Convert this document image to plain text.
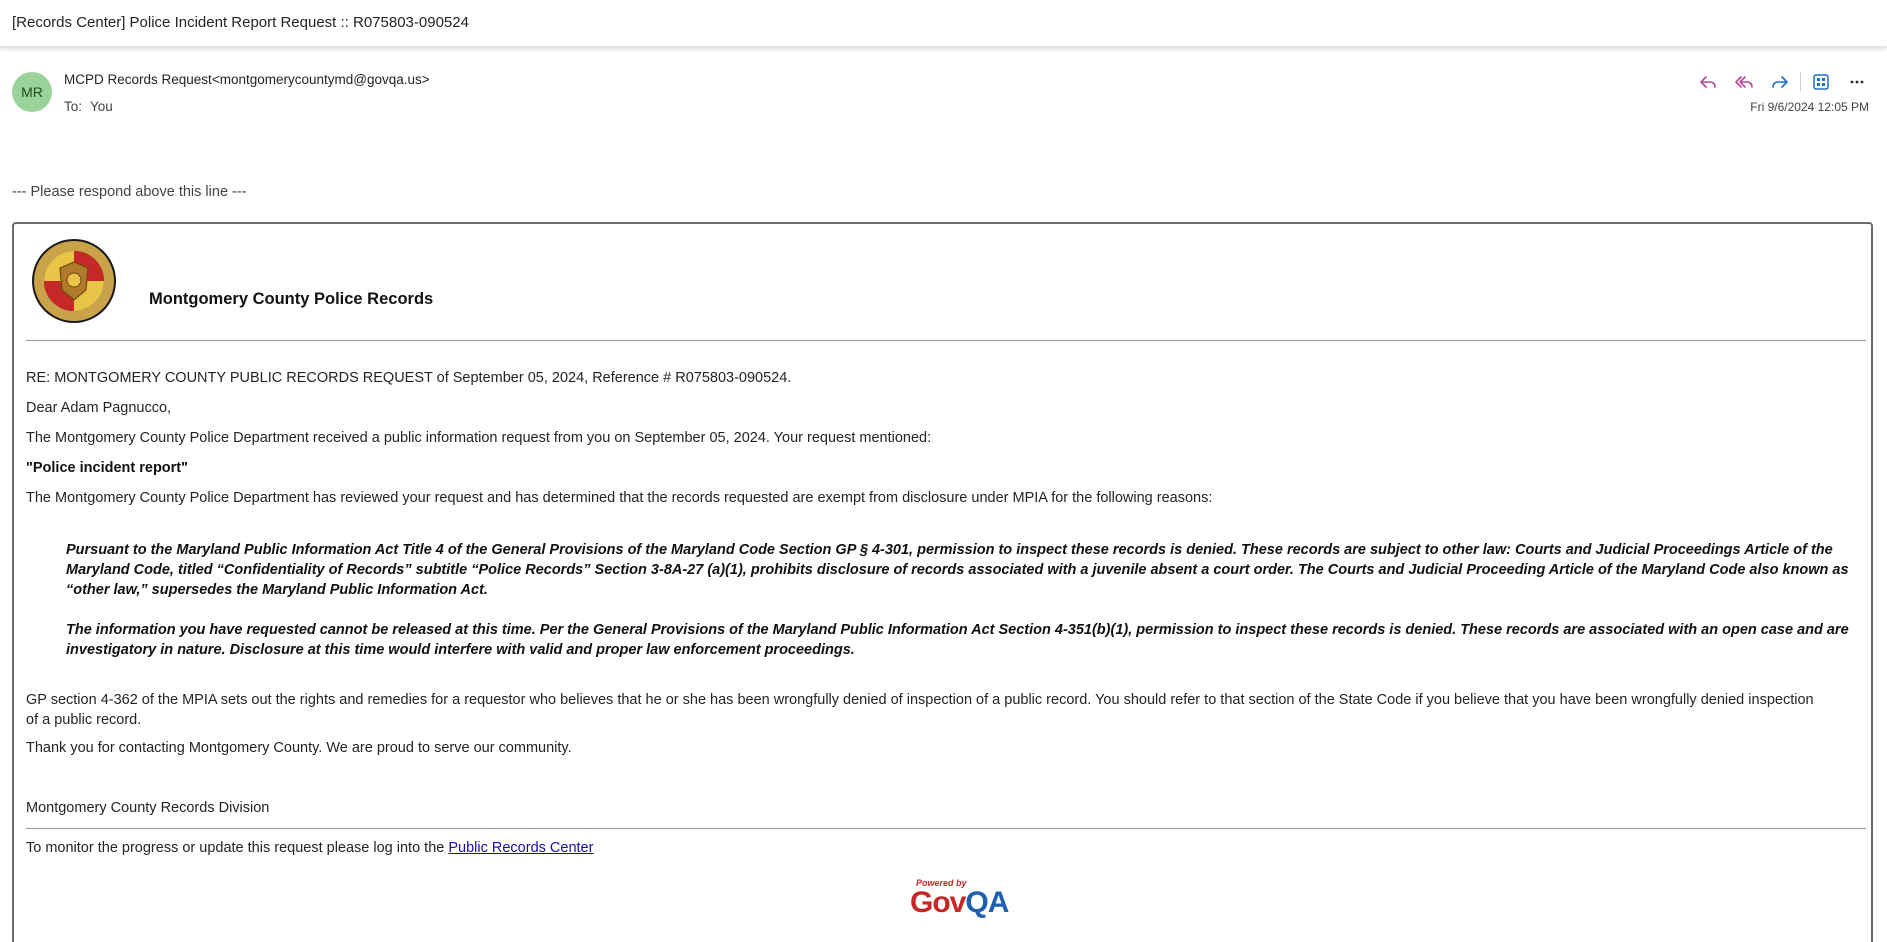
[Records Center] Police Incident Report Request :: R075803-090524
MR
MCPD Records Request<montgomerycountymd@govqa.us>
To: You	Fri 9/6/2024 12:05 PM
--- Please respond above this line ---
Montgomery County Police Records
RE: MONTGOMERY COUNTY PUBLIC RECORDS REQUEST of September 05, 2024, Reference # R075803-090524.
Dear Adam Pagnucco,
The Montgomery County Police Department received a public information request from you on September 05, 2024. Your request mentioned:
"Police incident report"
The Montgomery County Police Department has reviewed your request and has determined that the records requested are exempt from disclosure under MPIA for the following reasons:
Pursuant to the Maryland Public Information Act Title 4 of the General Provisions of the Maryland Code Section GP § 4-301, permission to inspect these records is denied. These records are subject to other law: Courts and Judicial Proceedings Article of the Maryland Code, titled “Confidentiality of Records” subtitle “Police Records” Section 3-8A-27 (a)(1), prohibits disclosure of records associated with a juvenile absent a court order. The Courts and Judicial Proceeding Article of the Maryland Code also known as “other law,” supersedes the Maryland Public Information Act.
The information you have requested cannot be released at this time. Per the General Provisions of the Maryland Public Information Act Section 4-351(b)(1), permission to inspect these records is denied. These records are associated with an open case and are investigatory in nature. Disclosure at this time would interfere with valid and proper law enforcement proceedings.
GP section 4-362 of the MPIA sets out the rights and remedies for a requestor who believes that he or she has been wrongfully denied of inspection of a public record. You should refer to that section of the State Code if you believe that you have been wrongfully denied inspection of a public record.
Thank you for contacting Montgomery County. We are proud to serve our community.
Montgomery County Records Division
To monitor the progress or update this request please log into the Public Records Center
Powered by
GovQA
